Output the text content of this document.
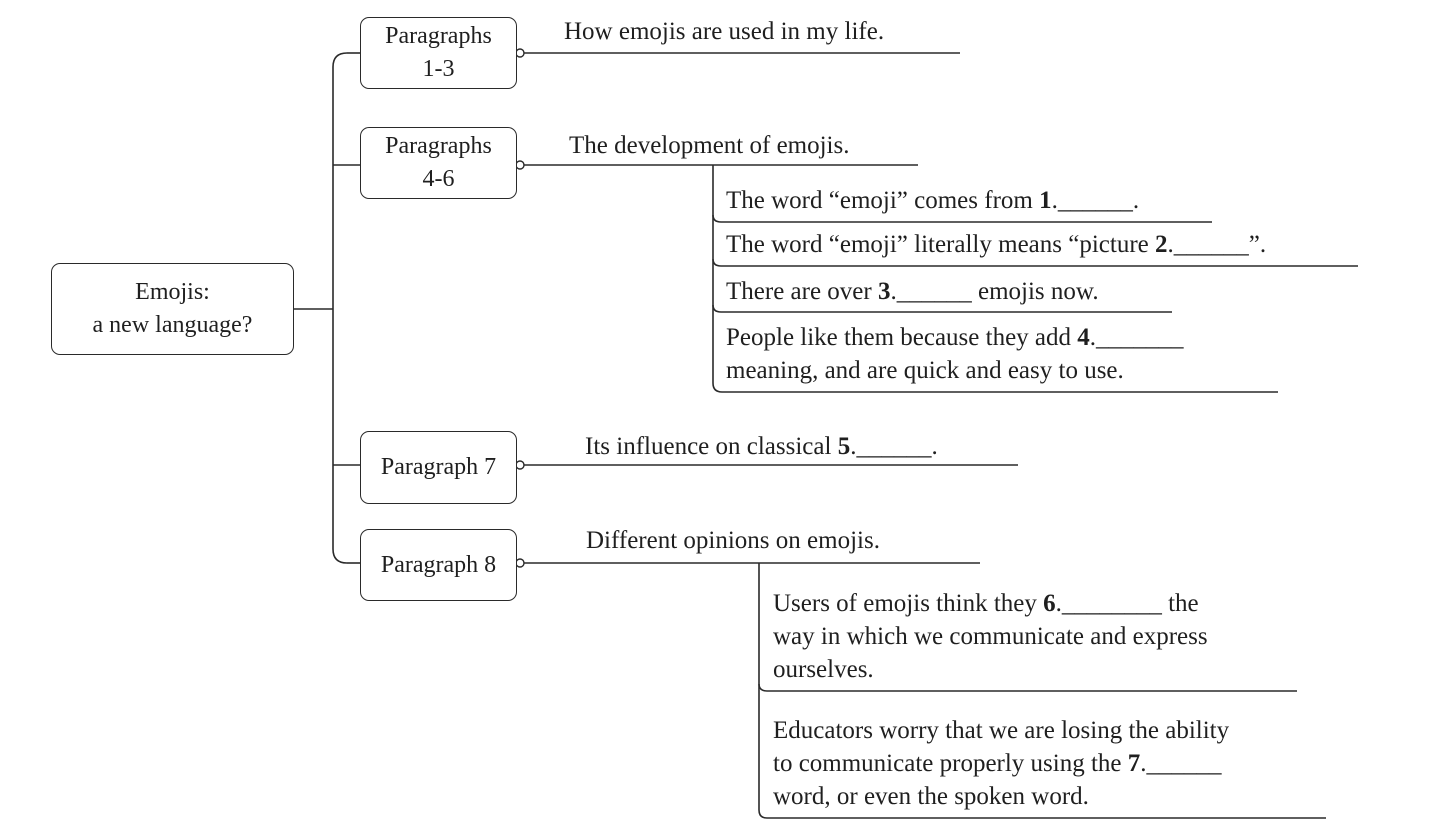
Emojis:
a new language?
Paragraphs
1-3
Paragraphs
4-6
Paragraph 7
Paragraph 8
How emojis are used in my life.
The development of emojis.
Its influence on classical 5.______.
Different opinions on emojis.
The word “emoji” comes from 1.______.
The word “emoji” literally means “picture 2.______”.
There are over 3.______ emojis now.
People like them because they add 4._______
meaning, and are quick and easy to use.
Users of emojis think they 6.________ the
way in which we communicate and express
ourselves.
Educators worry that we are losing the ability
to communicate properly using the 7.______
word, or even the spoken word.
